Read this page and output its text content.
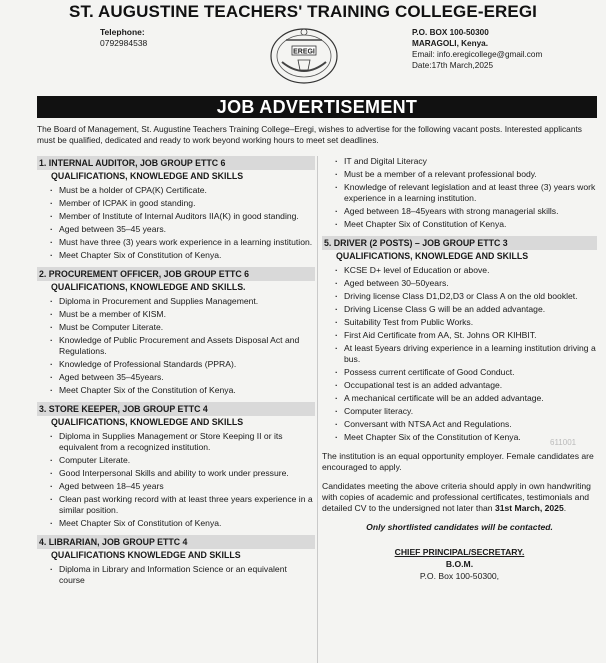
ST. AUGUSTINE TEACHERS' TRAINING COLLEGE-EREGI
Telephone:
0792984538
EREGI
P.O. BOX 100-50300
MARAGOLI, Kenya.
Email: info.eregicollege@gmail.com
Date:17th March,2025
JOB ADVERTISEMENT
The Board of Management, St. Augustine Teachers Training College–Eregi, wishes to advertise for the following vacant posts. Interested applicants must be qualified, dedicated and ready to work beyond working hours to meet set deadlines.
1. INTERNAL AUDITOR, JOB GROUP ETTC 6
QUALIFICATIONS, KNOWLEDGE AND SKILLS
· Must be a holder of CPA(K) Certificate.
· Member of ICPAK in good standing.
· Member of Institute of Internal Auditors IIA(K) in good standing.
· Aged between 35–45 years.
· Must have three (3) years work experience in a learning institution.
· Meet Chapter Six of Constitution of Kenya.
2. PROCUREMENT OFFICER, JOB GROUP ETTC 6
QUALIFICATIONS, KNOWLEDGE AND SKILLS.
· Diploma in Procurement and Supplies Management.
· Must be a member of KISM.
· Must be Computer Literate.
· Knowledge of Public Procurement and Assets Disposal Act and Regulations.
· Knowledge of Professional Standards (PPRA).
· Aged between 35–45years.
· Meet Chapter Six of the Constitution of Kenya.
3. STORE KEEPER, JOB GROUP ETTC 4
QUALIFICATIONS, KNOWLEDGE AND SKILLS
· Diploma in Supplies Management or Store Keeping II or its equivalent from a recognized institution.
· Computer Literate.
· Good Interpersonal Skills and ability to work under pressure.
· Aged between 18–45 years
· Clean past working record with at least three years experience in a similar position.
· Meet Chapter Six of Constitution of Kenya.
4. LIBRARIAN, JOB GROUP ETTC 4
QUALIFICATIONS KNOWLEDGE AND SKILLS
· Diploma in Library and Information Science or an equivalent course
· IT and Digital Literacy
· Must be a member of a relevant professional body.
· Knowledge of relevant legislation and at least three (3) years work experience in a learning institution.
· Aged between 18–45years with strong managerial skills.
· Meet Chapter Six of Constitution of Kenya.
5. DRIVER (2 POSTS) – JOB GROUP ETTC 3
QUALIFICATIONS, KNOWLEDGE AND SKILLS
· KCSE D+ level of Education or above.
· Aged between 30–50years.
· Driving license Class D1,D2,D3 or Class A on the old booklet.
· Driving License Class G will be an added advantage.
· Suitability Test from Public Works.
· First Aid Certificate from AA, St. Johns OR KIHBIT.
· At least 5years driving experience in a learning institution driving a bus.
· Possess current certificate of Good Conduct.
· Occupational test is an added advantage.
· A mechanical certificate will be an added advantage.
· Computer literacy.
· Conversant with NTSA Act and Regulations.
· Meet Chapter Six of the Constitution of Kenya.
The institution is an equal opportunity employer. Female candidates are encouraged to apply.
Candidates meeting the above criteria should apply in own handwriting with copies of academic and professional certificates, testimonials and detailed CV to the undersigned not later than 31st March, 2025.
Only shortlisted candidates will be contacted.
CHIEF PRINCIPAL/SECRETARY.
B.O.M.
P.O. Box 100-50300,
611001
